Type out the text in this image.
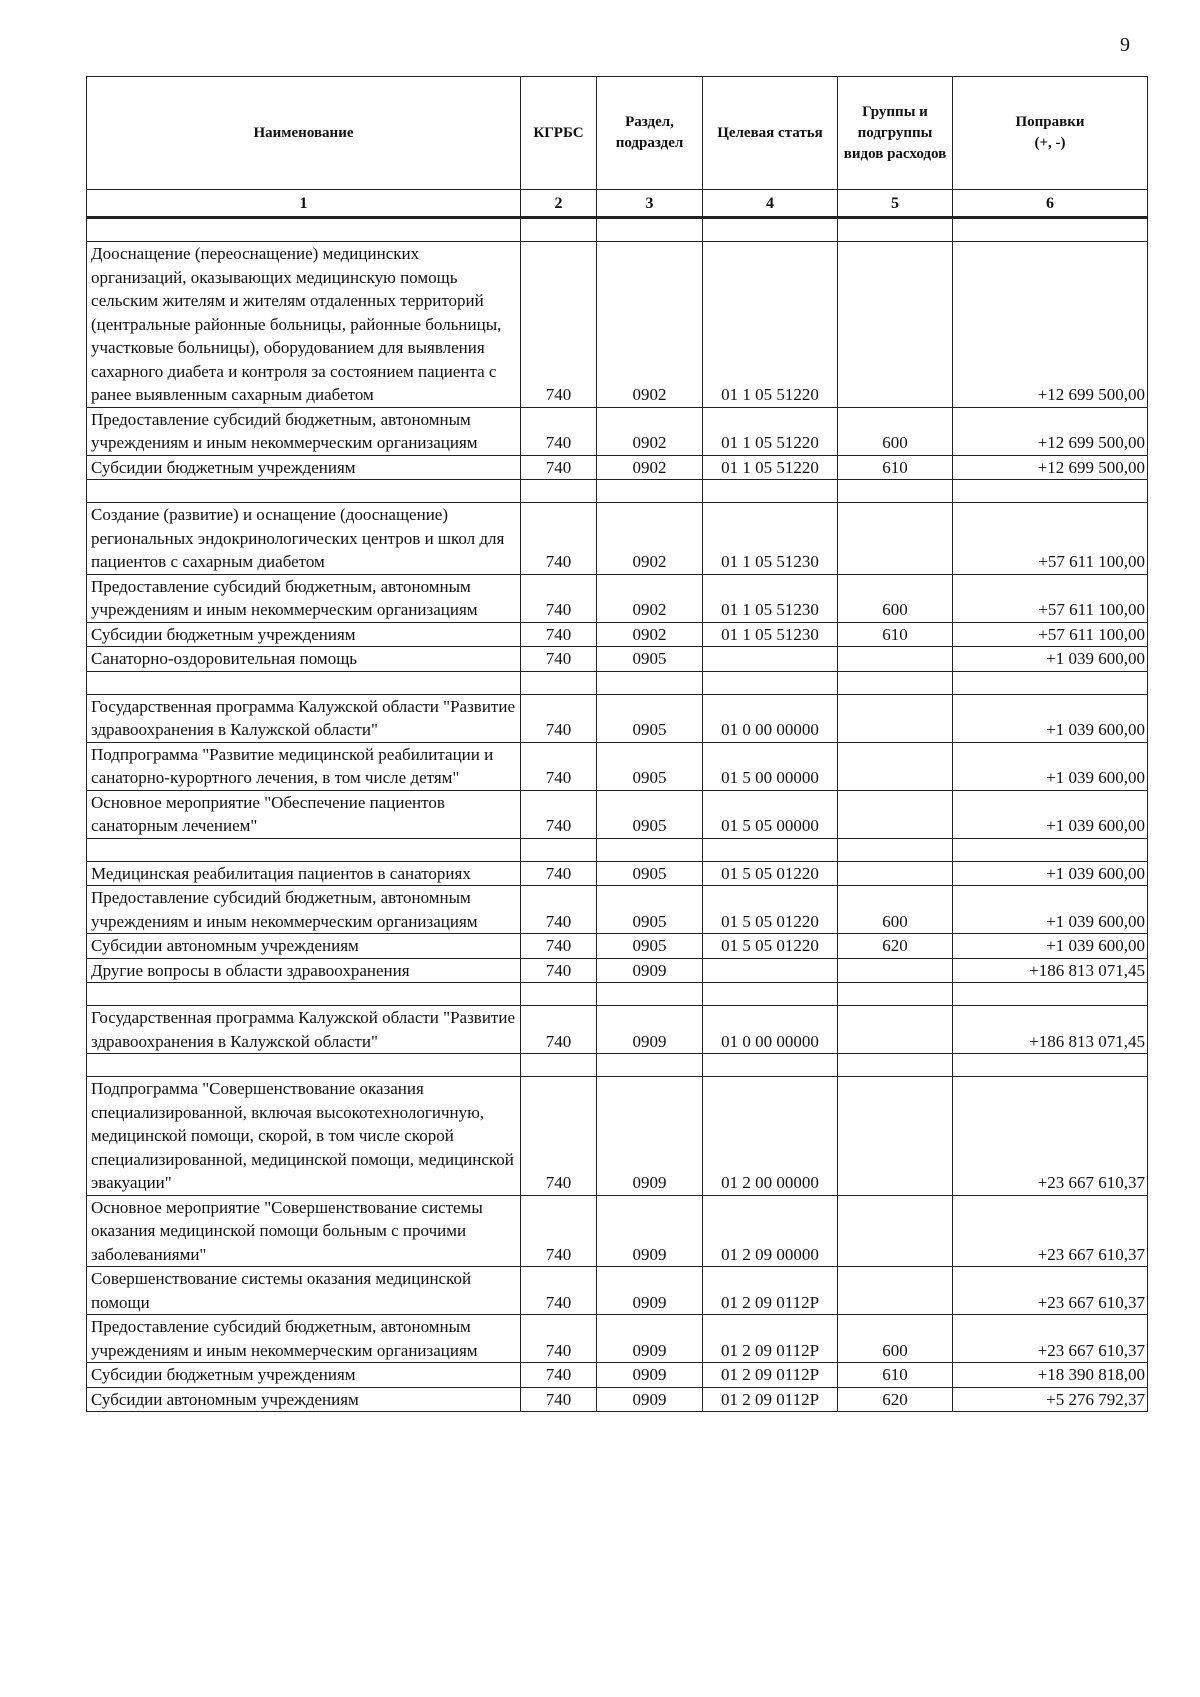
9
Наименование	КГРБС	Раздел, подраздел	Целевая статья	Группы и подгруппы видов расходов	Поправки
(+, -)
1	2	3	4	5	6

Дооснащение (переоснащение) медицинских организаций, оказывающих медицинскую помощь сельским жителям и жителям отдаленных территорий (центральные районные больницы, районные больницы, участковые больницы), оборудованием для выявления сахарного диабета и контроля за состоянием пациента с ранее выявленным сахарным диабетом	740	0902	01 1 05 51220		+12 699 500,00
Предоставление субсидий бюджетным, автономным учреждениям и иным некоммерческим организациям	740	0902	01 1 05 51220	600	+12 699 500,00
Субсидии бюджетным учреждениям	740	0902	01 1 05 51220	610	+12 699 500,00

Создание (развитие) и оснащение (дооснащение) региональных эндокринологических центров и школ для пациентов с сахарным диабетом	740	0902	01 1 05 51230		+57 611 100,00
Предоставление субсидий бюджетным, автономным учреждениям и иным некоммерческим организациям	740	0902	01 1 05 51230	600	+57 611 100,00
Субсидии бюджетным учреждениям	740	0902	01 1 05 51230	610	+57 611 100,00
Санаторно-оздоровительная помощь	740	0905			+1 039 600,00

Государственная программа Калужской области "Развитие здравоохранения в Калужской области"	740	0905	01 0 00 00000		+1 039 600,00
Подпрограмма "Развитие медицинской реабилитации и санаторно-курортного лечения, в том числе детям"	740	0905	01 5 00 00000		+1 039 600,00
Основное мероприятие "Обеспечение пациентов санаторным лечением"	740	0905	01 5 05 00000		+1 039 600,00

Медицинская реабилитация пациентов в санаториях	740	0905	01 5 05 01220		+1 039 600,00
Предоставление субсидий бюджетным, автономным учреждениям и иным некоммерческим организациям	740	0905	01 5 05 01220	600	+1 039 600,00
Субсидии автономным учреждениям	740	0905	01 5 05 01220	620	+1 039 600,00
Другие вопросы в области здравоохранения	740	0909			+186 813 071,45

Государственная программа Калужской области "Развитие здравоохранения в Калужской области"	740	0909	01 0 00 00000		+186 813 071,45

Подпрограмма "Совершенствование оказания специализированной, включая высокотехнологичную, медицинской помощи, скорой, в том числе скорой специализированной, медицинской помощи, медицинской эвакуации"	740	0909	01 2 00 00000		+23 667 610,37
Основное мероприятие "Совершенствование системы оказания медицинской помощи больным с прочими заболеваниями"	740	0909	01 2 09 00000		+23 667 610,37
Совершенствование системы оказания медицинской помощи	740	0909	01 2 09 0112Р		+23 667 610,37
Предоставление субсидий бюджетным, автономным учреждениям и иным некоммерческим организациям	740	0909	01 2 09 0112Р	600	+23 667 610,37
Субсидии бюджетным учреждениям	740	0909	01 2 09 0112Р	610	+18 390 818,00
Субсидии автономным учреждениям	740	0909	01 2 09 0112Р	620	+5 276 792,37
